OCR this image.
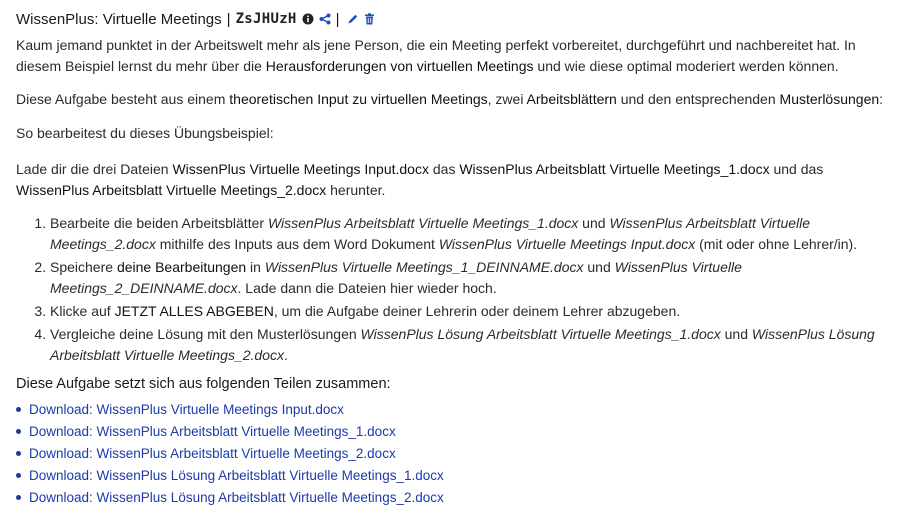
WissenPlus: Virtuelle Meetings | ZsJHUzH	|

Kaum jemand punktet in der Arbeitswelt mehr als jene Person, die ein Meeting perfekt vorbereitet, durchgeführt und nachbereitet hat. In diesem Beispiel lernst du mehr über die Herausforderungen von virtuellen Meetings und wie diese optimal moderiert werden können.

Diese Aufgabe besteht aus einem theoretischen Input zu virtuellen Meetings, zwei Arbeitsblättern und den entsprechenden Musterlösungen:

So bearbeitest du dieses Übungsbeispiel:

Lade dir die drei Dateien WissenPlus Virtuelle Meetings Input.docx das WissenPlus Arbeitsblatt Virtuelle Meetings_1.docx und das WissenPlus Arbeitsblatt Virtuelle Meetings_2.docx herunter.

1. Bearbeite die beiden Arbeitsblätter WissenPlus Arbeitsblatt Virtuelle Meetings_1.docx und WissenPlus Arbeitsblatt Virtuelle Meetings_2.docx mithilfe des Inputs aus dem Word Dokument WissenPlus Virtuelle Meetings Input.docx (mit oder ohne Lehrer/in).
2. Speichere deine Bearbeitungen in WissenPlus Virtuelle Meetings_1_DEINNAME.docx und WissenPlus Virtuelle Meetings_2_DEINNAME.docx. Lade dann die Dateien hier wieder hoch.
3. Klicke auf JETZT ALLES ABGEBEN, um die Aufgabe deiner Lehrerin oder deinem Lehrer abzugeben.
4. Vergleiche deine Lösung mit den Musterlösungen WissenPlus Lösung Arbeitsblatt Virtuelle Meetings_1.docx und WissenPlus Lösung Arbeitsblatt Virtuelle Meetings_2.docx.

Diese Aufgabe setzt sich aus folgenden Teilen zusammen:

Download: WissenPlus Virtuelle Meetings Input.docx
Download: WissenPlus Arbeitsblatt Virtuelle Meetings_1.docx
Download: WissenPlus Arbeitsblatt Virtuelle Meetings_2.docx
Download: WissenPlus Lösung Arbeitsblatt Virtuelle Meetings_1.docx
Download: WissenPlus Lösung Arbeitsblatt Virtuelle Meetings_2.docx
